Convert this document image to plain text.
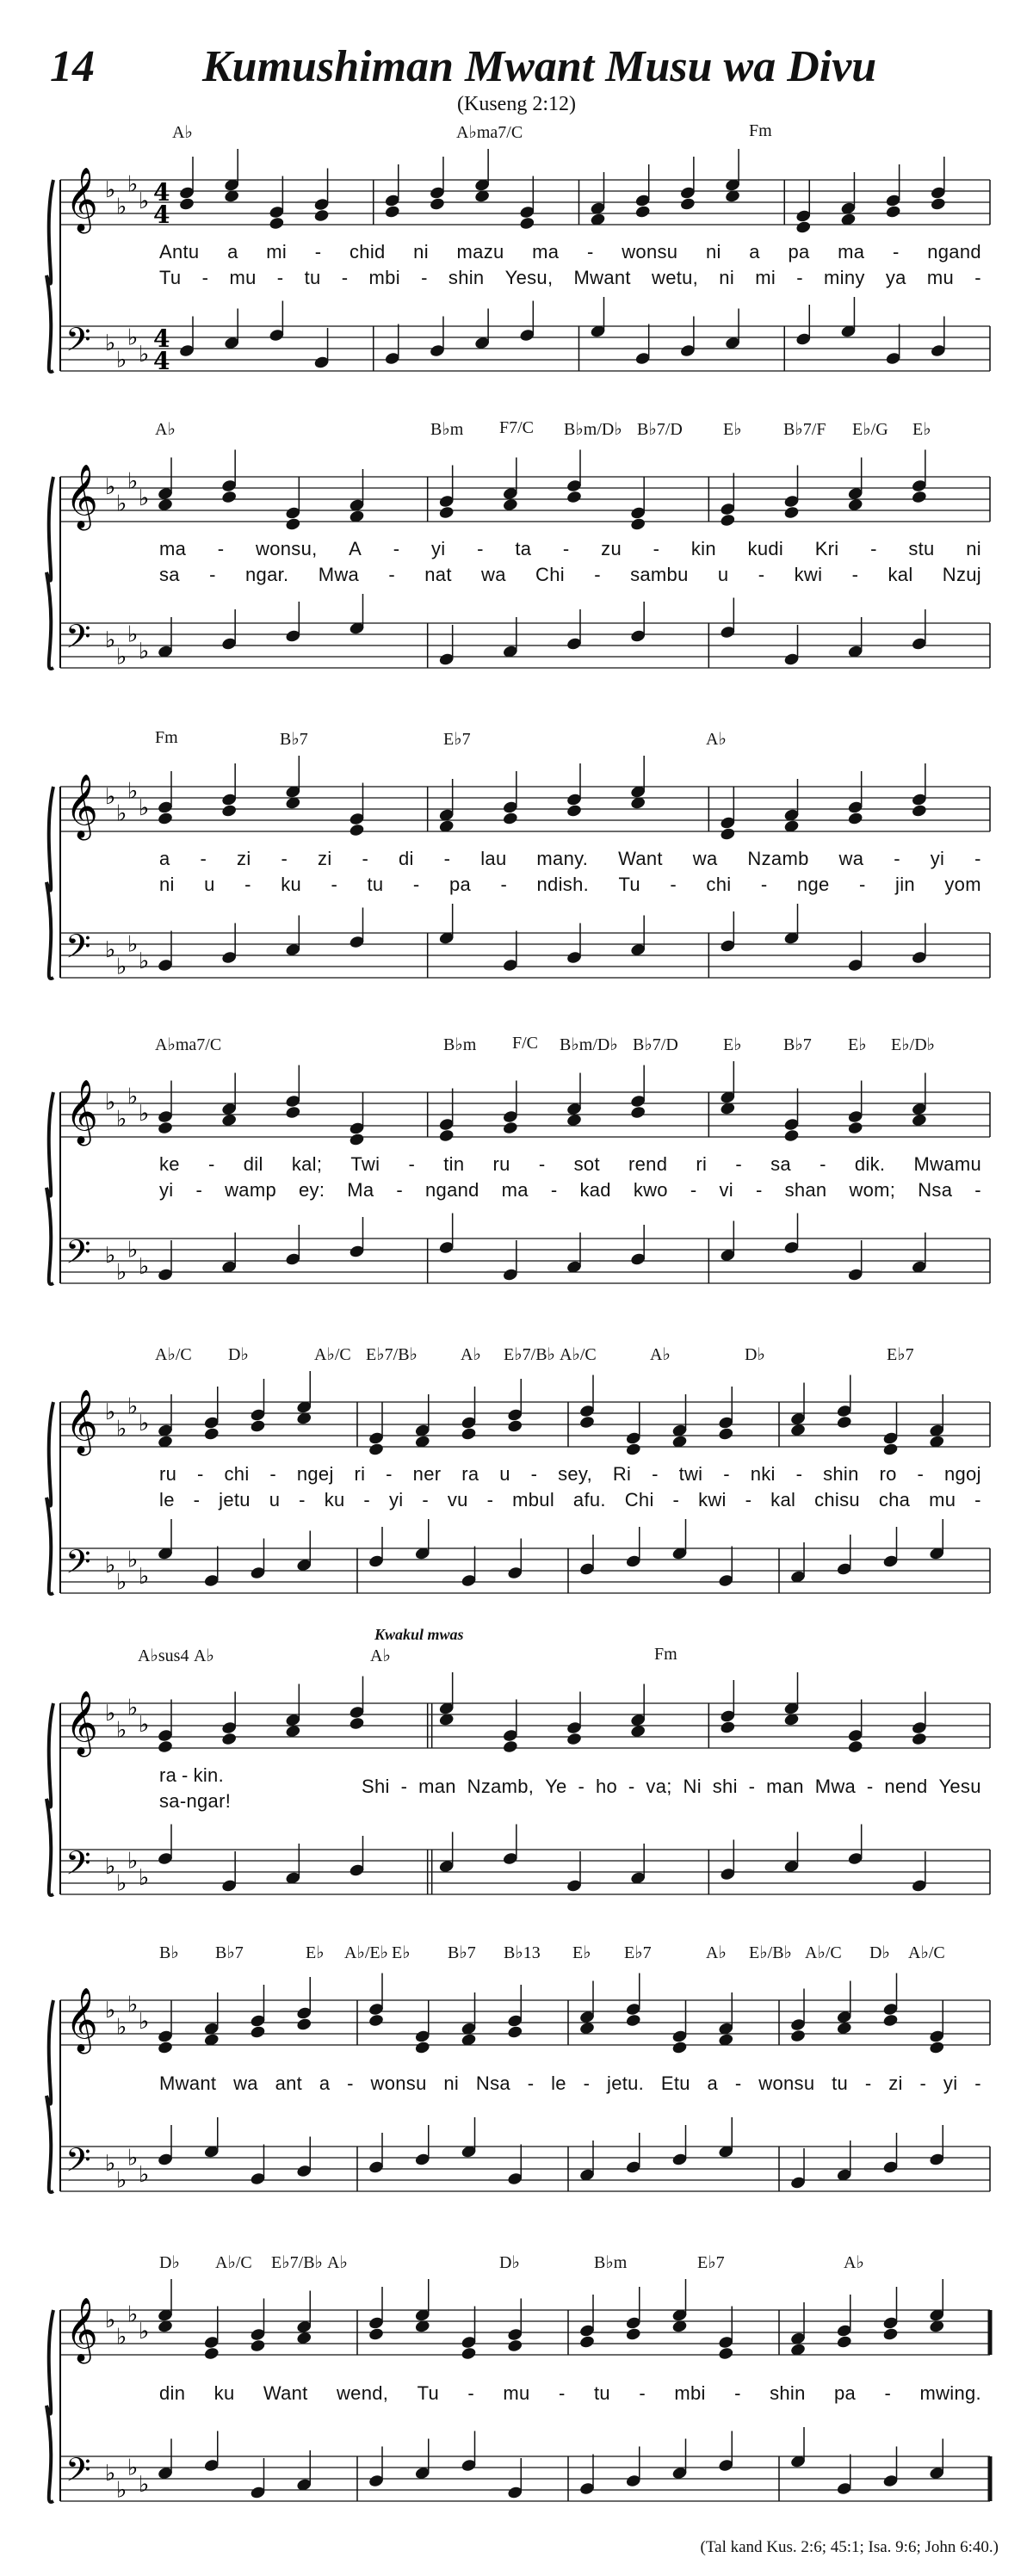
14 Kumushiman Mwant Musu wa Divu
(Kuseng 2:12)
A♭	A♭ma7/C	Fm
𝄞 ♭
♭
♭
♭ 4
4
𝄢 ♭
♭
♭
♭
4
4
Antu a mi - chid ni mazu ma - wonsu ni a pa ma - ngand
Tu - mu - tu - mbi - shin Yesu, Mwant wetu, ni mi - miny ya mu -
A♭	B♭m F7/C B♭m/D♭ B♭7/D E♭ B♭7/F E♭/G E♭
𝄞 ♭
♭
♭
♭
𝄢 ♭
♭
♭
♭
ma - wonsu, A - yi - ta - zu - kin kudi Kri - stu ni
sa - ngar. Mwa - nat wa Chi - sambu u - kwi - kal Nzuj
Fm	B♭7	E♭7	A♭
𝄞 ♭
♭
♭
♭
𝄢 ♭
♭
♭
♭
a - zi - zi - di - lau many. Want wa Nzamb wa - yi -
ni u - ku - tu - pa - ndish. Tu - chi - nge - jin yom
A♭ma7/C	B♭m F/C B♭m/D♭ B♭7/D	E♭ B♭7 E♭ E♭/D♭
𝄞 ♭
♭
♭
♭
𝄢 ♭
♭
♭
♭
ke - dil kal; Twi - tin ru - sot rend ri - sa - dik. Mwamu
yi - wamp ey: Ma - ngand ma - kad kwo - vi - shan wom; Nsa -
A♭/C D♭	A♭/C E♭7/B♭	A♭ E♭7/B♭ A♭/C	A♭	D♭	E♭7
𝄞 ♭
♭
♭
♭
𝄢 ♭
♭
♭
♭
ru - chi - ngej ri - ner ra u - sey, Ri - twi - nki - shin ro - ngoj
le - jetu u - ku - yi - vu - mbul afu. Chi - kwi - kal chisu cha mu -
A♭sus4 A♭	A♭	Fm
𝄞 ♭
♭
♭
♭
𝄢 ♭
♭
♭
♭
ra - kin.
sa - ngar!
Shi - man Nzamb, Ye - ho - va; Ni shi - man Mwa - nend Yesu
Kwakul mwas
B♭ B♭7	E♭ A♭/E♭ E♭ B♭7 B♭13 E♭ E♭7	A♭ E♭/B♭ A♭/C D♭ A♭/C
𝄞 ♭
♭
♭
♭
𝄢 ♭
♭
♭
♭
Mwant wa ant a - wonsu ni Nsa - le - jetu. Etu a - wonsu tu - zi - yi -
D♭ A♭/C E♭7/B♭ A♭	D♭	B♭m	E♭7	A♭
𝄞 ♭
♭
♭
♭
𝄢 ♭
♭
♭
♭
din ku Want wend, Tu - mu - tu - mbi - shin pa - mwing.
(Tal kand Kus. 2:6; 45:1; Isa. 9:6; John 6:40.)
